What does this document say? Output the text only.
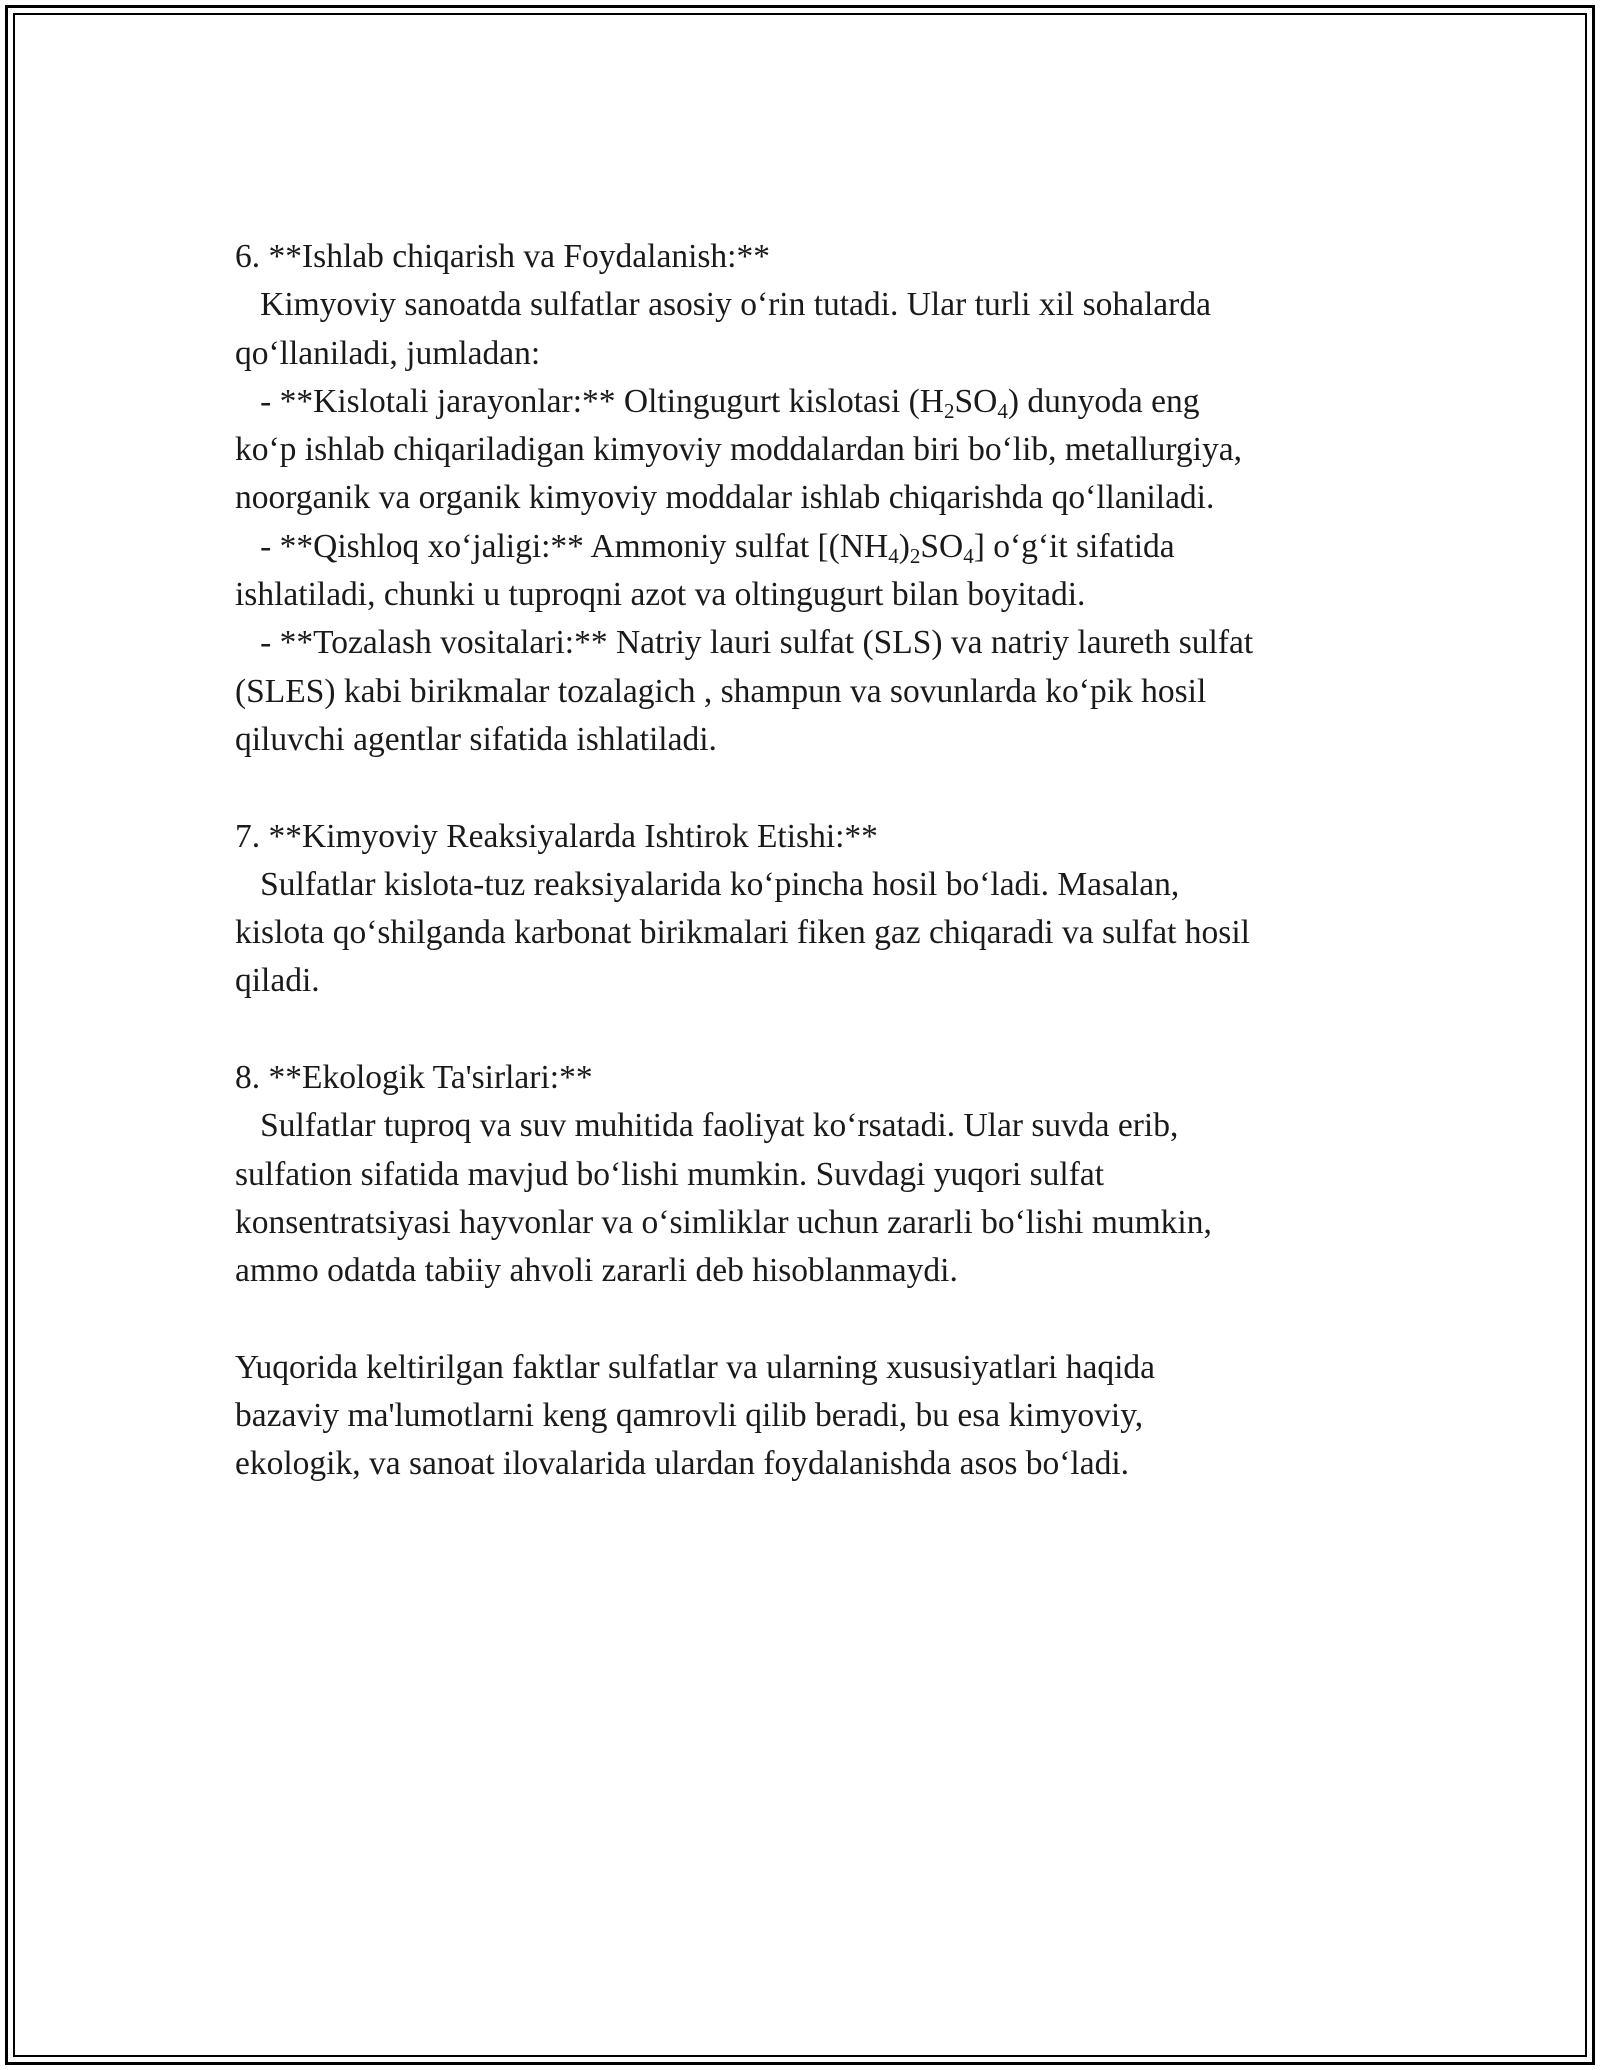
6. **Ishlab chiqarish va Foydalanish:**
Kimyoviy sanoatda sulfatlar asosiy o‘rin tutadi. Ular turli xil sohalarda
qo‘llaniladi, jumladan:
- **Kislotali jarayonlar:** Oltingugurt kislotasi $(H_2SO_4)$ dunyoda eng
ko‘p ishlab chiqariladigan kimyoviy moddalardan biri bo‘lib, metallurgiya,
noorganik va organik kimyoviy moddalar ishlab chiqarishda qo‘llaniladi.
- **Qishloq xo‘jaligi:** Ammoniy sulfat $[(NH_4)_2SO_4]$ o‘g‘it sifatida
ishlatiladi, chunki u tuproqni azot va oltingugurt bilan boyitadi.
- **Tozalash vositalari:** Natriy lauri sulfat (SLS) va natriy laureth sulfat
(SLES) kabi birikmalar tozalagich , shampun va sovunlarda ko‘pik hosil
qiluvchi agentlar sifatida ishlatiladi.
7. **Kimyoviy Reaksiyalarda Ishtirok Etishi:**
Sulfatlar kislota-tuz reaksiyalarida ko‘pincha hosil bo‘ladi. Masalan,
kislota qo‘shilganda karbonat birikmalari fiken gaz chiqaradi va sulfat hosil
qiladi.
8. **Ekologik Ta'sirlari:**
Sulfatlar tuproq va suv muhitida faoliyat ko‘rsatadi. Ular suvda erib,
sulfation sifatida mavjud bo‘lishi mumkin. Suvdagi yuqori sulfat
konsentratsiyasi hayvonlar va o‘simliklar uchun zararli bo‘lishi mumkin,
ammo odatda tabiiy ahvoli zararli deb hisoblanmaydi.
Yuqorida keltirilgan faktlar sulfatlar va ularning xususiyatlari haqida
bazaviy ma'lumotlarni keng qamrovli qilib beradi, bu esa kimyoviy,
ekologik, va sanoat ilovalarida ulardan foydalanishda asos bo‘ladi.
